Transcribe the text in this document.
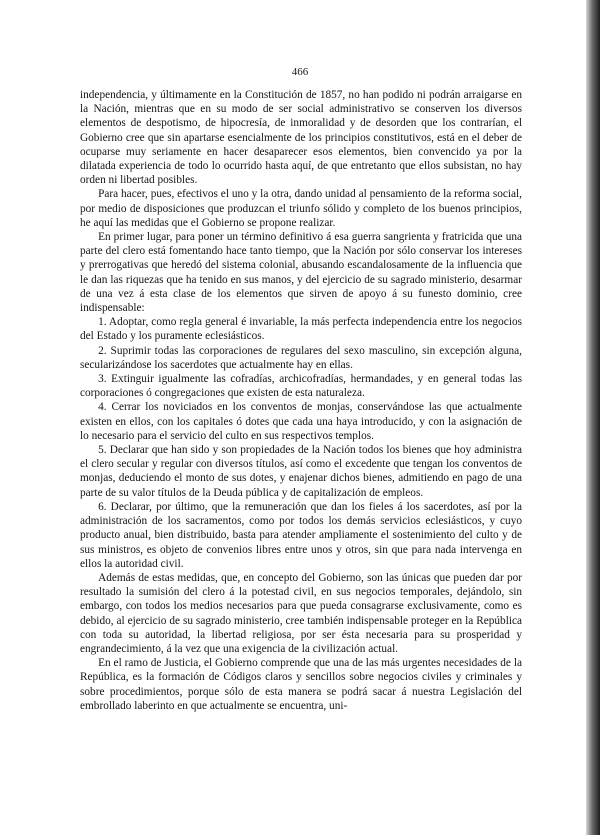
466

independencia, y últimamente en la Constitución de 1857, no han podido ni podrán arraigarse en la Nación, mientras que en su modo de ser social administrativo se conserven los diversos elementos de despotismo, de hipocresía, de inmoralidad y de desorden que los contrarían, el Gobierno cree que sin apartarse esencialmente de los principios constitutivos, está en el deber de ocuparse muy seriamente en hacer desaparecer esos elementos, bien convencido ya por la dilatada experiencia de todo lo ocurrido hasta aquí, de que entretanto que ellos subsistan, no hay orden ni libertad posibles.

Para hacer, pues, efectivos el uno y la otra, dando unidad al pensamiento de la reforma social, por medio de disposiciones que produzcan el triunfo sólido y completo de los buenos principios, he aquí las medidas que el Gobierno se propone realizar.

En primer lugar, para poner un término definitivo á esa guerra sangrienta y fratricida que una parte del clero está fomentando hace tanto tiempo, que la Nación por sólo conservar los intereses y prerrogativas que heredó del sistema colonial, abusando escandalosamente de la influencia que le dan las riquezas que ha tenido en sus manos, y del ejercicio de su sagrado ministerio, desarmar de una vez á esta clase de los elementos que sirven de apoyo á su funesto dominio, cree indispensable:

1. Adoptar, como regla general é invariable, la más perfecta independencia entre los negocios del Estado y los puramente eclesiásticos.

2. Suprimir todas las corporaciones de regulares del sexo masculino, sin excepción alguna, secularizándose los sacerdotes que actualmente hay en ellas.

3. Extinguir igualmente las cofradías, archicofradías, hermandades, y en general todas las corporaciones ó congregaciones que existen de esta naturaleza.

4. Cerrar los noviciados en los conventos de monjas, conservándose las que actualmente existen en ellos, con los capitales ó dotes que cada una haya introducido, y con la asignación de lo necesario para el servicio del culto en sus respectivos templos.

5. Declarar que han sido y son propiedades de la Nación todos los bienes que hoy administra el clero secular y regular con diversos títulos, así como el excedente que tengan los conventos de monjas, deduciendo el monto de sus dotes, y enajenar dichos bienes, admitiendo en pago de una parte de su valor títulos de la Deuda pública y de capitalización de empleos.

6. Declarar, por último, que la remuneración que dan los fieles á los sacerdotes, así por la administración de los sacramentos, como por todos los demás servicios eclesiásticos, y cuyo producto anual, bien distribuido, basta para atender ampliamente el sostenimiento del culto y de sus ministros, es objeto de convenios libres entre unos y otros, sin que para nada intervenga en ellos la autoridad civil.

Además de estas medidas, que, en concepto del Gobierno, son las únicas que pueden dar por resultado la sumisión del clero á la potestad civil, en sus negocios temporales, dejándolo, sin embargo, con todos los medios necesarios para que pueda consagrarse exclusivamente, como es debido, al ejercicio de su sagrado ministerio, cree también indispensable proteger en la República con toda su autoridad, la libertad religiosa, por ser ésta necesaria para su prosperidad y engrandecimiento, á la vez que una exigencia de la civilización actual.

En el ramo de Justicia, el Gobierno comprende que una de las más urgentes necesidades de la República, es la formación de Códigos claros y sencillos sobre negocios civiles y criminales y sobre procedimientos, porque sólo de esta manera se podrá sacar á nuestra Legislación del embrollado laberinto en que actualmente se encuentra, uni-
